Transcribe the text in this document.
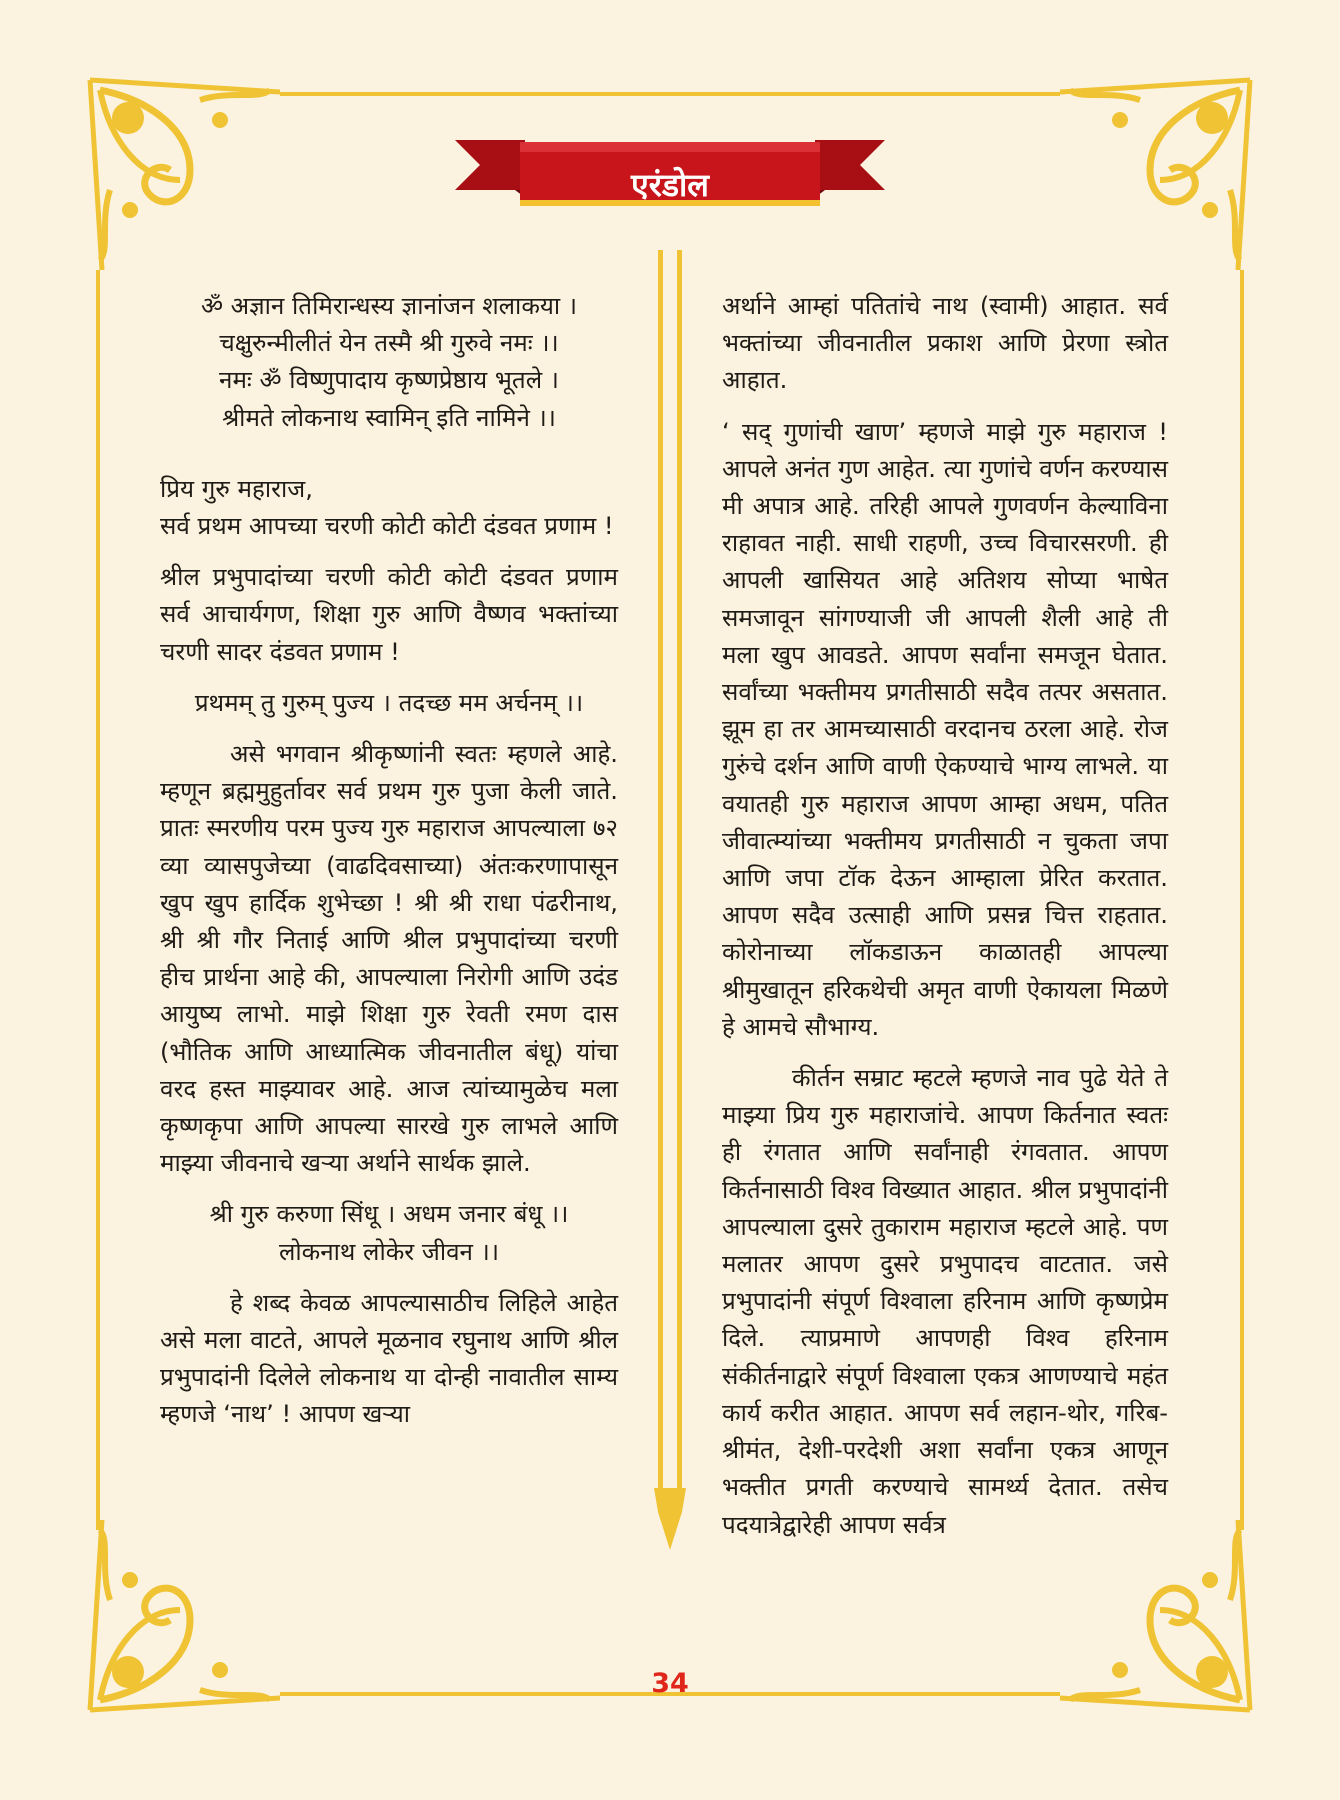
एरंडोल

ॐ अज्ञान तिमिरान्धस्य ज्ञानांजन शलाकया ।

चक्षुरुन्मीलीतं येन तस्मै श्री गुरुवे नमः ।।

नमः ॐ विष्णुपादाय कृष्णप्रेष्ठाय भूतले ।

श्रीमते लोकनाथ स्वामिन् इति नामिने ।।

प्रिय गुरु महाराज,

सर्व प्रथम आपच्या चरणी कोटी कोटी दंडवत प्रणाम !

श्रील प्रभुपादांच्या चरणी कोटी कोटी दंडवत प्रणाम सर्व आचार्यगण, शिक्षा गुरु आणि वैष्णव भक्तांच्या चरणी सादर दंडवत प्रणाम !

प्रथमम् तु गुरुम् पुज्य । तदच्छ मम अर्चनम् ।।

असे भगवान श्रीकृष्णांनी स्वतः म्हणले आहे. म्हणून ब्रह्ममुहुर्तावर सर्व प्रथम गुरु पुजा केली जाते. प्रातः स्मरणीय परम पुज्य गुरु महाराज आपल्याला ७२ व्या व्यासपुजेच्या (वाढदिवसाच्या) अंतःकरणापासून खुप खुप हार्दिक शुभेच्छा ! श्री श्री राधा पंढरीनाथ, श्री श्री गौर निताई आणि श्रील प्रभुपादांच्या चरणी हीच प्रार्थना आहे की, आपल्याला निरोगी आणि उदंड आयुष्य लाभो. माझे शिक्षा गुरु रेवती रमण दास (भौतिक आणि आध्यात्मिक जीवनातील बंधू) यांचा वरद हस्त माझ्यावर आहे. आज त्यांच्यामुळेच मला कृष्णकृपा आणि आपल्या सारखे गुरु लाभले आणि माझ्या जीवनाचे खऱ्या अर्थाने सार्थक झाले.

श्री गुरु करुणा सिंधू । अधम जनार बंधू ।।

लोकनाथ लोकेर जीवन ।।

हे शब्द केवळ आपल्यासाठीच लिहिले आहेत असे मला वाटते, आपले मूळनाव रघुनाथ आणि श्रील प्रभुपादांनी दिलेले लोकनाथ या दोन्ही नावातील साम्य म्हणजे ‘नाथ’ ! आपण खऱ्या

अर्थाने आम्हां पतितांचे नाथ (स्वामी) आहात. सर्व भक्तांच्या जीवनातील प्रकाश आणि प्रेरणा स्त्रोत आहात.

‘ सद् गुणांची खाण’ म्हणजे माझे गुरु महाराज ! आपले अनंत गुण आहेत. त्या गुणांचे वर्णन करण्यास मी अपात्र आहे. तरिही आपले गुणवर्णन केल्याविना राहावत नाही. साधी राहणी, उच्च विचारसरणी. ही आपली खासियत आहे अतिशय सोप्या भाषेत समजावून सांगण्याजी जी आपली शैली आहे ती मला खुप आवडते. आपण सर्वांना समजून घेतात. सर्वांच्या भक्तीमय प्रगतीसाठी सदैव तत्पर असतात. झूम हा तर आमच्यासाठी वरदानच ठरला आहे. रोज गुरुंचे दर्शन आणि वाणी ऐकण्याचे भाग्य लाभले. या वयातही गुरु महाराज आपण आम्हा अधम, पतित जीवात्म्यांच्या भक्तीमय प्रगतीसाठी न चुकता जपा आणि जपा टॉक देऊन आम्हाला प्रेरित करतात. आपण सदैव उत्साही आणि प्रसन्न चित्त राहतात. कोरोनाच्या लॉकडाऊन काळातही आपल्या श्रीमुखातून हरिकथेची अमृत वाणी ऐकायला मिळणे हे आमचे सौभाग्य.

कीर्तन सम्राट म्हटले म्हणजे नाव पुढे येते ते माझ्या प्रिय गुरु महाराजांचे. आपण किर्तनात स्वतः ही रंगतात आणि सर्वांनाही रंगवतात. आपण किर्तनासाठी विश्व विख्यात आहात. श्रील प्रभुपादांनी आपल्याला दुसरे तुकाराम महाराज म्हटले आहे. पण मलातर आपण दुसरे प्रभुपादच वाटतात. जसे प्रभुपादांनी संपूर्ण विश्वाला हरिनाम आणि कृष्णप्रेम दिले. त्याप्रमाणे आपणही विश्व हरिनाम संकीर्तनाद्वारे संपूर्ण विश्वाला एकत्र आणण्याचे महंत कार्य करीत आहात. आपण सर्व लहान-थोर, गरिब-श्रीमंत, देशी-परदेशी अशा सर्वांना एकत्र आणून भक्तीत प्रगती करण्याचे सामर्थ्य देतात. तसेच पदयात्रेद्वारेही आपण सर्वत्र

34
